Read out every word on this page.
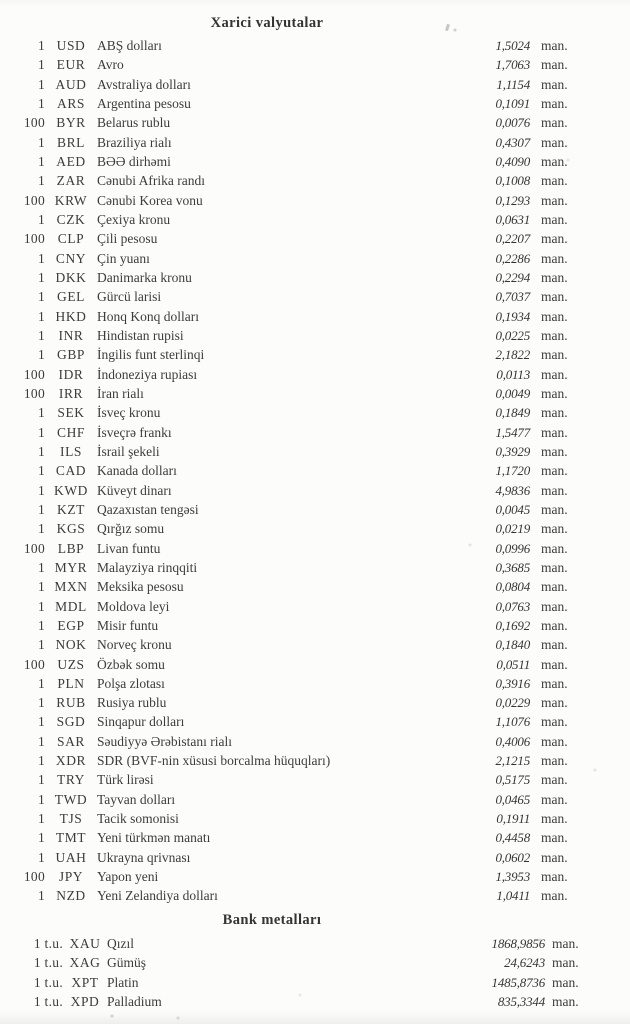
Xarici valyutalar
1 USD ABŞ dolları	1,5024 man.
1 EUR Avro	1,7063 man.
1 AUD Avstraliya dolları	1,1154 man.
1 ARS Argentina pesosu	0,1091 man.
100 BYR Belarus rublu	0,0076 man.
1 BRL Braziliya rialı	0,4307 man.
1 AED BƏƏ dirhəmi	0,4090 man.
1 ZAR Cənubi Afrika randı	0,1008 man.
100 KRW Cənubi Korea vonu	0,1293 man.
1 CZK Çexiya kronu	0,0631 man.
100 CLP Çili pesosu	0,2207 man.
1 CNY Çin yuanı	0,2286 man.
1 DKK Danimarka kronu	0,2294 man.
1 GEL Gürcü larisi	0,7037 man.
1 HKD Honq Konq dolları	0,1934 man.
1 INR Hindistan rupisi	0,0225 man.
1 GBP İngilis funt sterlinqi	2,1822 man.
100 IDR İndoneziya rupiası	0,0113 man.
100	IRR	İran rialı	0,0049 man.
1 SEK İsveç kronu	0,1849 man.
1 CHF İsveçrə frankı	1,5477 man.
1	ILS	İsrail şekeli	0,3929 man.
1 CAD Kanada dolları	1,1720 man.
1 KWD Küveyt dinarı	4,9836 man.
1 KZT Qazaxıstan tengəsi	0,0045 man.
1 KGS Qırğız somu	0,0219 man.
100 LBP Livan funtu	0,0996 man.
1 MYR Malayziya rinqqiti	0,3685 man.
1 MXN Meksika pesosu	0,0804 man.
1 MDL Moldova leyi	0,0763 man.
1 EGP Misir funtu	0,1692 man.
1 NOK Norveç kronu	0,1840 man.
100 UZS Özbək somu	0,0511 man.
1 PLN Polşa zlotası	0,3916 man.
1 RUB Rusiya rublu	0,0229 man.
1 SGD Sinqapur dolları	1,1076 man.
1 SAR Səudiyyə Ərəbistanı rialı	0,4006 man.
1 XDR SDR (BVF-nin xüsusi borcalma hüquqları)	2,1215 man.
1 TRY Türk lirəsi	0,5175 man.
1 TWD Tayvan dolları	0,0465 man.
1	TJS	Tacik somonisi	0,1911 man.
1 TMT Yeni türkmən manatı	0,4458 man.
1 UAH Ukrayna qrivnası	0,0602 man.
100	JPY	Yapon yeni	1,3953 man.
1 NZD Yeni Zelandiya dolları	1,0411 man.
Bank metalları
1 t.u. XAU Qızıl	1868,9856 man.
1 t.u. XAG Gümüş	24,6243 man.
1 t.u. XPT Platin	1485,8736 man.
1 t.u. XPD Palladium	835,3344 man.
